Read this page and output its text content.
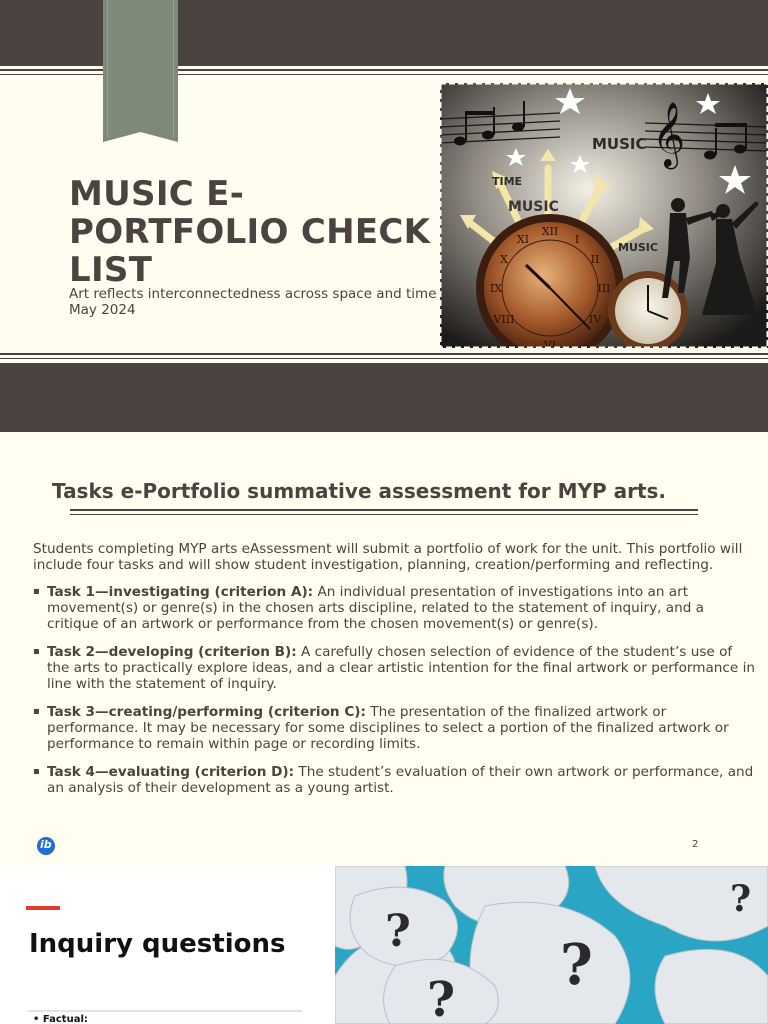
MUSIC E-PORTFOLIO CHECK LIST
Art reflects interconnectedness across space and time
May 2024
𝄞
TIME
MUSIC
MUSIC
MUSIC
XII
VI
IX	III
I
XI
II
X
IV
VIII
Tasks e-Portfolio summative assessment for MYP arts.

Students completing MYP arts eAssessment will submit a portfolio of work for the unit. This portfolio will include four tasks and will show student investigation, planning, creation/performing and reflecting.

▪ Task 1—investigating (criterion A): An individual presentation of investigations into an art movement(s) or genre(s) in the chosen arts discipline, related to the statement of inquiry, and a critique of an artwork or performance from the chosen movement(s) or genre(s).
▪ Task 2—developing (criterion B): A carefully chosen selection of evidence of the student’s use of the arts to practically explore ideas, and a clear artistic intention for the final artwork or performance in line with the statement of inquiry.
▪ Task 3—creating/performing (criterion C): The presentation of the finalized artwork or performance. It may be necessary for some disciplines to select a portion of the finalized artwork or performance to remain within page or recording limits.
▪ Task 4—evaluating (criterion D): The student’s evaluation of their own artwork or performance, and an analysis of their development as a young artist.
ib	2
Inquiry questions
• Factual:
?
?
?
?
